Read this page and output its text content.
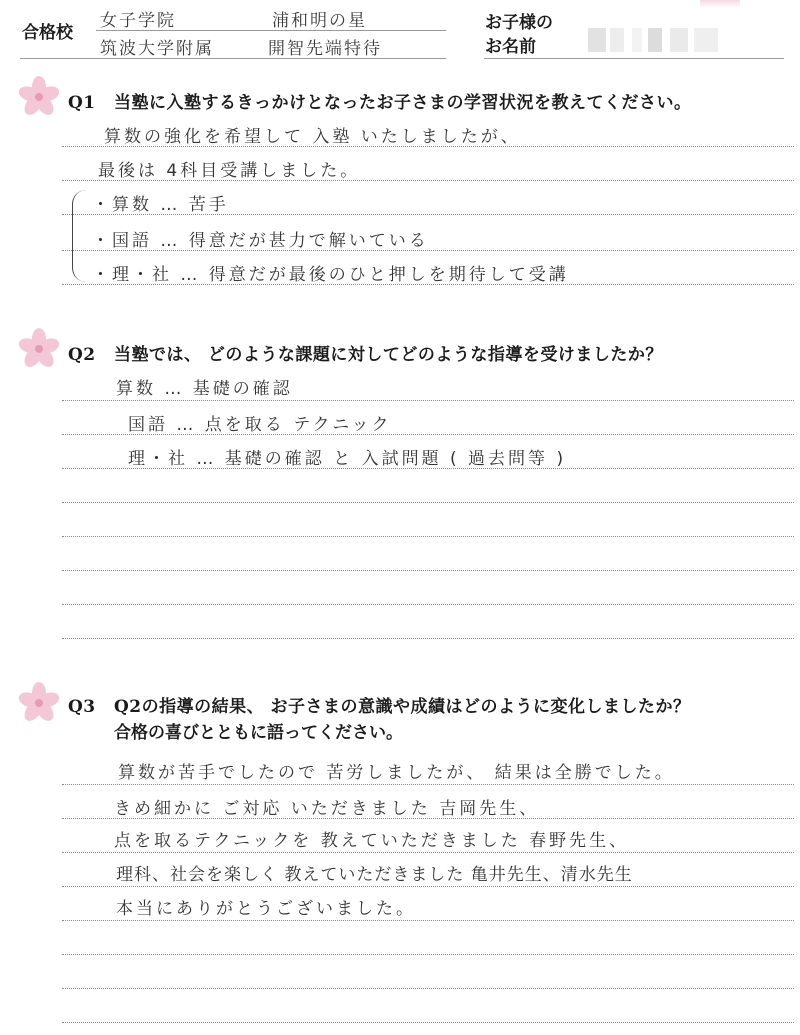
合格校
女子学院	浦和明の星
筑波大学附属	開智先端特待
お子様の
お名前
Q1 当塾に入塾するきっかけとなったお子さまの学習状況を教えてください。
算数の強化を希望して 入塾 いたしましたが、
最後は 4科目受講しました。
・算数 … 苦手
・国語 … 得意だが甚力で解いている
・理・社 … 得意だが最後のひと押しを期待して受講
Q2 当塾では、 どのような課題に対してどのような指導を受けましたか？
算数 … 基礎の確認
国語 … 点を取る テクニック
理・社 … 基礎の確認 と 入試問題 ( 過去問等 )
Q3 Q2の指導の結果、 お子さまの意識や成績はどのように変化しましたか？
合格の喜びとともに語ってください。
算数が苦手でしたので 苦労しましたが、 結果は全勝でした。
きめ細かに ご対応 いただきました 吉岡先生、
点を取るテクニックを 教えていただきました 春野先生、
理科、社会を楽しく 教えていただきました 亀井先生、清水先生
本当にありがとうございました。
